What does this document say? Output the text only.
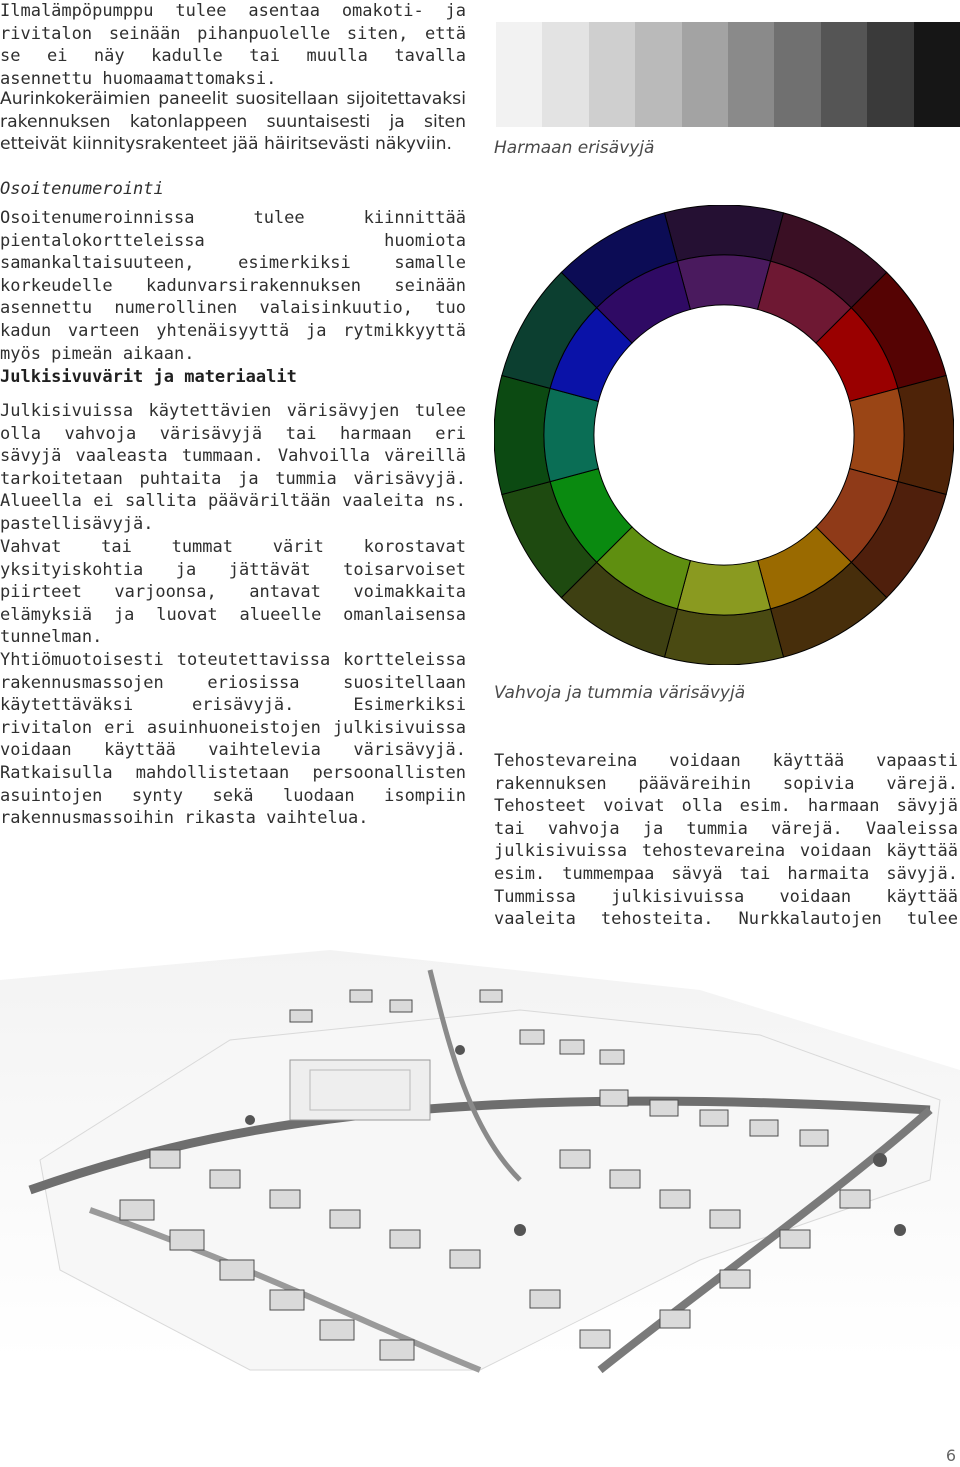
Ilmalämpöpumppu tulee asentaa omakoti- ja rivitalon seinään pihanpuolelle siten, että se ei näy kadulle tai muulla tavalla asennettu huomaamattomaksi.

Aurinkokeräimien paneelit suositellaan sijoitettavaksi rakennuksen katonlappeen suuntaisesti ja siten etteivät kiinnitysrakenteet jää häiritsevästi näkyviin.

Osoitenumerointi

Osoitenumeroinnissa tulee kiinnittää pientalokortteleissa huomiota samankaltaisuuteen, esimerkiksi samalle korkeudelle kadunvarsirakennuksen seinään asennettu numerollinen valaisinkuutio, tuo kadun varteen yhtenäisyyttä ja rytmikkyyttä myös pimeän aikaan.

Julkisivuvärit ja materiaalit

Julkisivuissa käytettävien värisävyjen tulee olla vahvoja värisävyjä tai harmaan eri sävyjä vaaleasta tummaan. Vahvoilla väreillä tarkoitetaan puhtaita ja tummia värisävyjä. Alueella ei sallita pääväriltään vaaleita ns. pastellisävyjä.

Vahvat tai tummat värit korostavat yksityiskohtia ja jättävät toisarvoiset piirteet varjoonsa, antavat voimakkaita elämyksiä ja luovat alueelle omanlaisensa tunnelman.

Yhtiömuotoisesti toteutettavissa kortteleissa rakennusmassojen eriosissa suositellaan käytettäväksi erisävyjä. Esimerkiksi rivitalon eri asuinhuoneistojen julkisivuissa voidaan käyttää vaihtelevia värisävyjä. Ratkaisulla mahdollistetaan persoonallisten asuintojen synty sekä luodaan isompiin rakennusmassoihin rikasta vaihtelua.

Harmaan erisävyjä

Vahvoja ja tummia värisävyjä

Tehostevareina voidaan käyttää vapaasti rakennuksen pääväreihin sopivia värejä. Tehosteet voivat olla esim. harmaan sävyjä tai vahvoja ja tummia värejä. Vaaleissa julkisivuissa tehostevareina voidaan käyttää esim. tummempaa sävyä tai harmaita sävyjä. Tummissa julkisivuissa voidaan käyttää vaaleita tehosteita. Nurkkalautojen tulee

6
